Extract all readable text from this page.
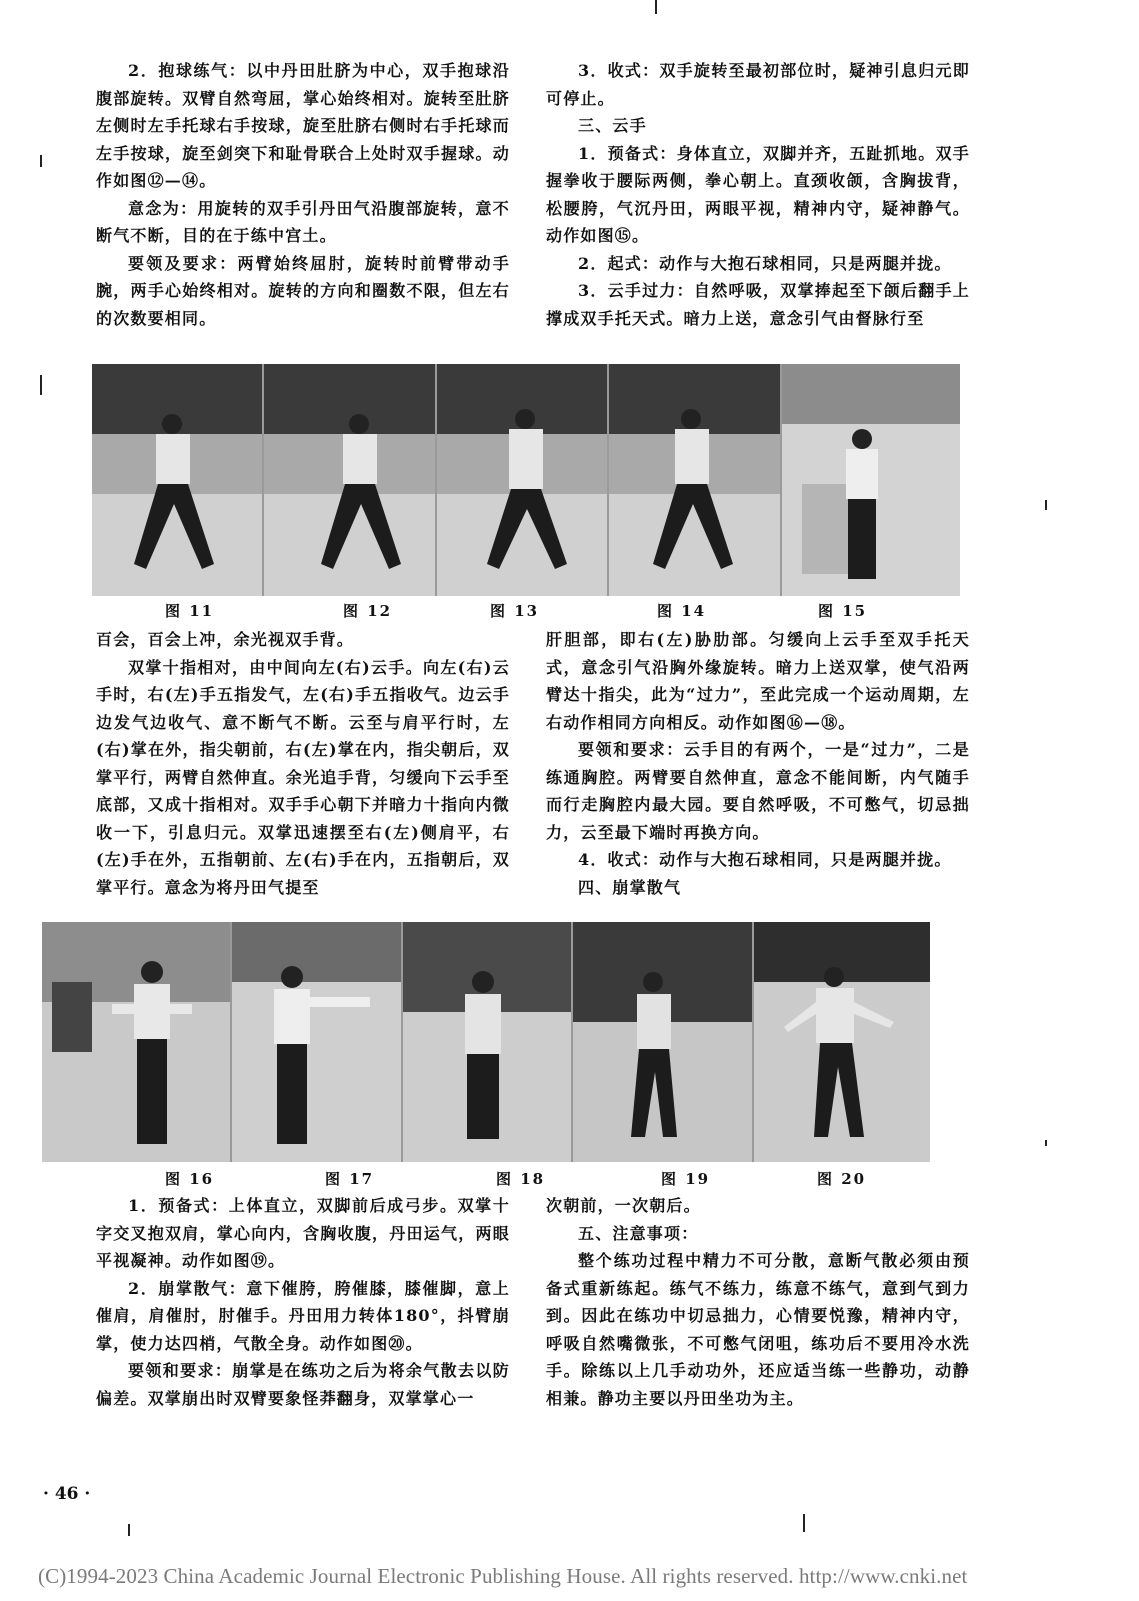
2．抱球练气：以中丹田肚脐为中心，双手抱球沿腹部旋转。双臂自然弯屈，掌心始终相对。旋转至肚脐左侧时左手托球右手按球，旋至肚脐右侧时右手托球而左手按球，旋至剑突下和耻骨联合上处时双手握球。动作如图⑫—⑭。

意念为：用旋转的双手引丹田气沿腹部旋转，意不断气不断，目的在于练中宫土。

要领及要求：两臂始终屈肘，旋转时前臂带动手腕，两手心始终相对。旋转的方向和圈数不限，但左右的次数要相同。

3．收式：双手旋转至最初部位时，疑神引息归元即可停止。

三、云手

1．预备式：身体直立，双脚并齐，五趾抓地。双手握拳收于腰际两侧，拳心朝上。直颈收颌，含胸拔背，松腰胯，气沉丹田，两眼平视，精神内守，疑神静气。动作如图⑮。

2．起式：动作与大抱石球相同，只是两腿并拢。

3．云手过力：自然呼吸，双掌捧起至下颌后翻手上撑成双手托天式。暗力上送，意念引气由督脉行至

图 11	图 12	图 13	图 14	图 15

百会，百会上冲，余光视双手背。

双掌十指相对，由中间向左(右)云手。向左(右)云手时，右(左)手五指发气，左(右)手五指收气。边云手边发气边收气、意不断气不断。云至与肩平行时，左(右)掌在外，指尖朝前，右(左)掌在内，指尖朝后，双掌平行，两臂自然伸直。余光追手背，匀缓向下云手至底部，又成十指相对。双手手心朝下并暗力十指向内微收一下，引息归元。双掌迅速摆至右(左)侧肩平，右(左)手在外，五指朝前、左(右)手在内，五指朝后，双掌平行。意念为将丹田气提至

肝胆部，即右(左)胁肋部。匀缓向上云手至双手托天式，意念引气沿胸外缘旋转。暗力上送双掌，使气沿两臂达十指尖，此为“过力”，至此完成一个运动周期，左右动作相同方向相反。动作如图⑯—⑱。

要领和要求：云手目的有两个，一是“过力”，二是练通胸腔。两臂要自然伸直，意念不能间断，内气随手而行走胸腔内最大园。要自然呼吸，不可憋气，切忌拙力，云至最下端时再换方向。

4．收式：动作与大抱石球相同，只是两腿并拢。

四、崩掌散气

图 16	图 17	图 18	图 19	图 20

1．预备式：上体直立，双脚前后成弓步。双掌十字交叉抱双肩，掌心向内，含胸收腹，丹田运气，两眼平视凝神。动作如图⑲。

2．崩掌散气：意下催胯，胯催膝，膝催脚，意上催肩，肩催肘，肘催手。丹田用力转体180°，抖臂崩掌，使力达四梢，气散全身。动作如图⑳。

要领和要求：崩掌是在练功之后为将余气散去以防偏差。双掌崩出时双臂要象怪莽翻身，双掌掌心一

次朝前，一次朝后。

五、注意事项：

整个练功过程中精力不可分散，意断气散必须由预备式重新练起。练气不练力，练意不练气，意到气到力到。因此在练功中切忌拙力，心情要悦豫，精神内守，呼吸自然嘴微张，不可憋气闭咀，练功后不要用冷水洗手。除练以上几手动功外，还应适当练一些静功，动静相兼。静功主要以丹田坐功为主。

· 46 ·
(C)1994-2023 China Academic Journal Electronic Publishing House. All rights reserved. http://www.cnki.net
